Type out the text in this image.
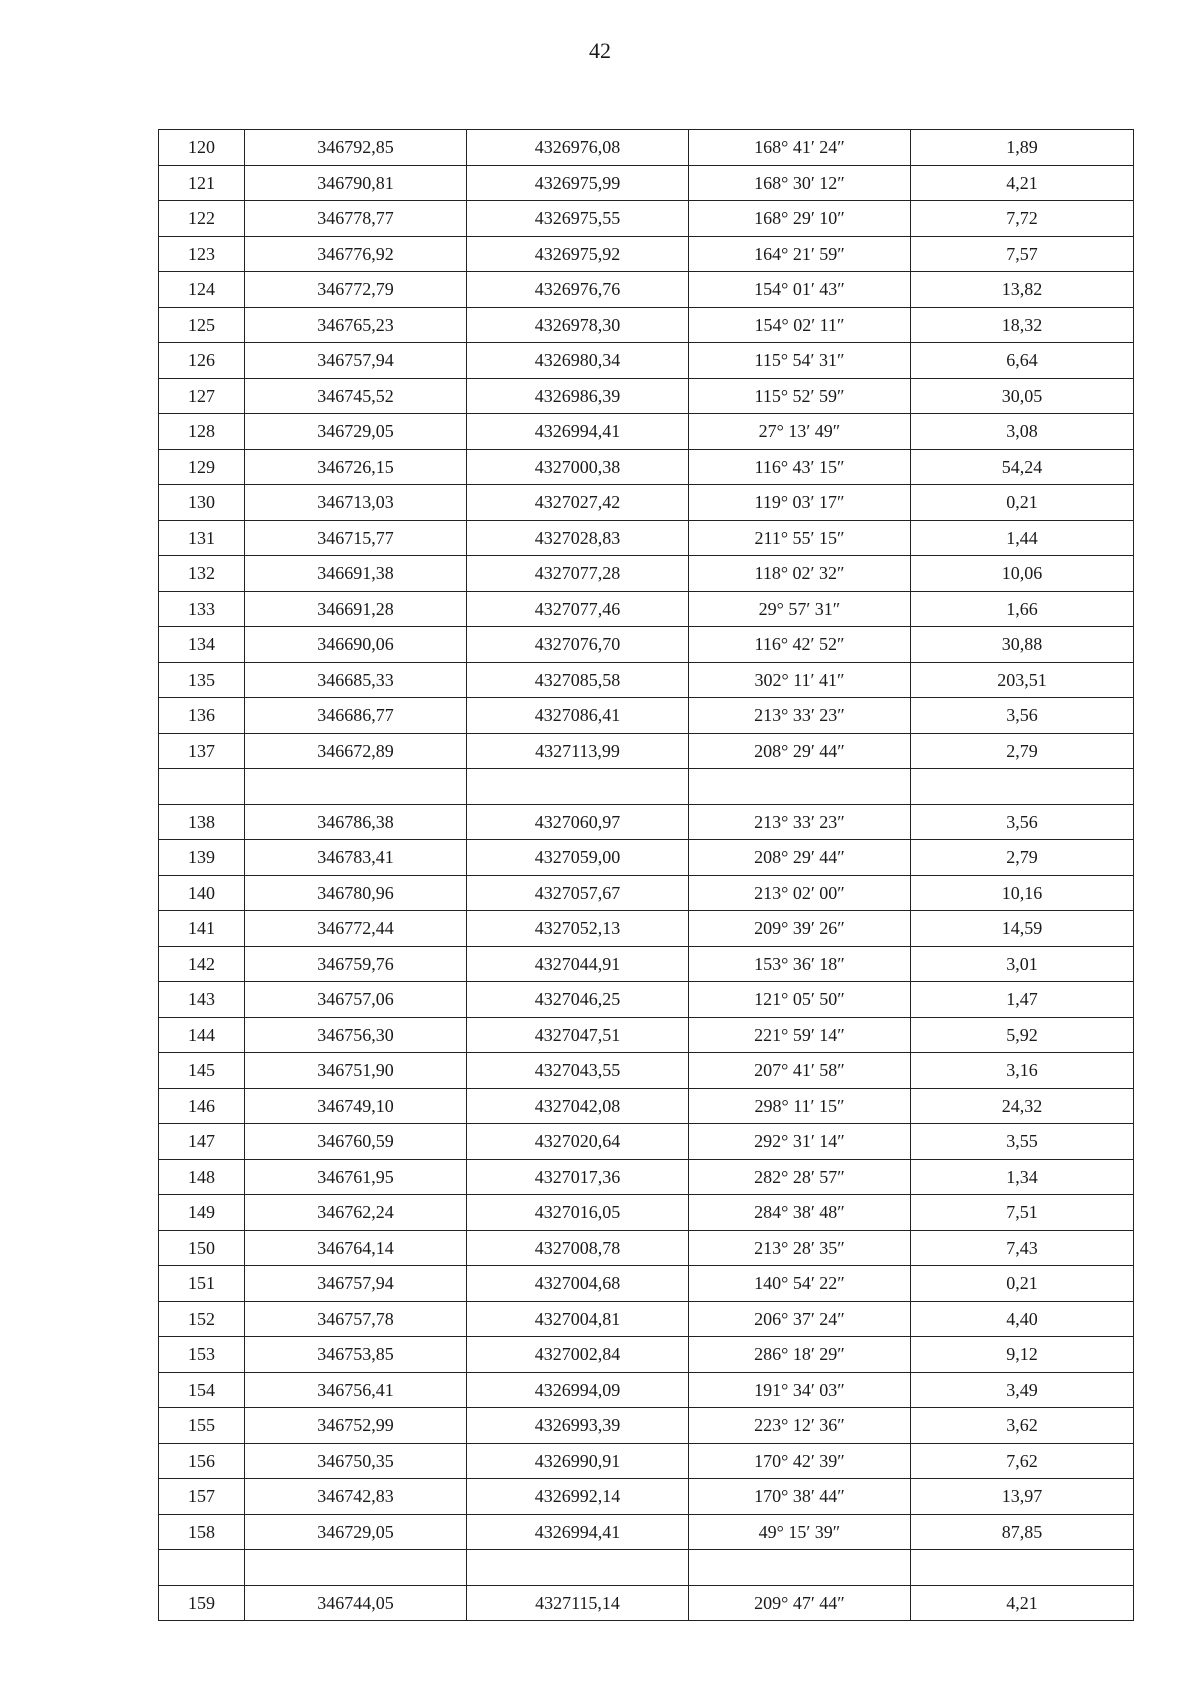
42
120	346792,85	4326976,08	168° 41′ 24″	1,89
121	346790,81	4326975,99	168° 30′ 12″	4,21
122	346778,77	4326975,55	168° 29′ 10″	7,72
123	346776,92	4326975,92	164° 21′ 59″	7,57
124	346772,79	4326976,76	154° 01′ 43″	13,82
125	346765,23	4326978,30	154° 02′ 11″	18,32
126	346757,94	4326980,34	115° 54′ 31″	6,64
127	346745,52	4326986,39	115° 52′ 59″	30,05
128	346729,05	4326994,41	27° 13′ 49″	3,08
129	346726,15	4327000,38	116° 43′ 15″	54,24
130	346713,03	4327027,42	119° 03′ 17″	0,21
131	346715,77	4327028,83	211° 55′ 15″	1,44
132	346691,38	4327077,28	118° 02′ 32″	10,06
133	346691,28	4327077,46	29° 57′ 31″	1,66
134	346690,06	4327076,70	116° 42′ 52″	30,88
135	346685,33	4327085,58	302° 11′ 41″	203,51
136	346686,77	4327086,41	213° 33′ 23″	3,56
137	346672,89	4327113,99	208° 29′ 44″	2,79

138	346786,38	4327060,97	213° 33′ 23″	3,56
139	346783,41	4327059,00	208° 29′ 44″	2,79
140	346780,96	4327057,67	213° 02′ 00″	10,16
141	346772,44	4327052,13	209° 39′ 26″	14,59
142	346759,76	4327044,91	153° 36′ 18″	3,01
143	346757,06	4327046,25	121° 05′ 50″	1,47
144	346756,30	4327047,51	221° 59′ 14″	5,92
145	346751,90	4327043,55	207° 41′ 58″	3,16
146	346749,10	4327042,08	298° 11′ 15″	24,32
147	346760,59	4327020,64	292° 31′ 14″	3,55
148	346761,95	4327017,36	282° 28′ 57″	1,34
149	346762,24	4327016,05	284° 38′ 48″	7,51
150	346764,14	4327008,78	213° 28′ 35″	7,43
151	346757,94	4327004,68	140° 54′ 22″	0,21
152	346757,78	4327004,81	206° 37′ 24″	4,40
153	346753,85	4327002,84	286° 18′ 29″	9,12
154	346756,41	4326994,09	191° 34′ 03″	3,49
155	346752,99	4326993,39	223° 12′ 36″	3,62
156	346750,35	4326990,91	170° 42′ 39″	7,62
157	346742,83	4326992,14	170° 38′ 44″	13,97
158	346729,05	4326994,41	49° 15′ 39″	87,85

159	346744,05	4327115,14	209° 47′ 44″	4,21
